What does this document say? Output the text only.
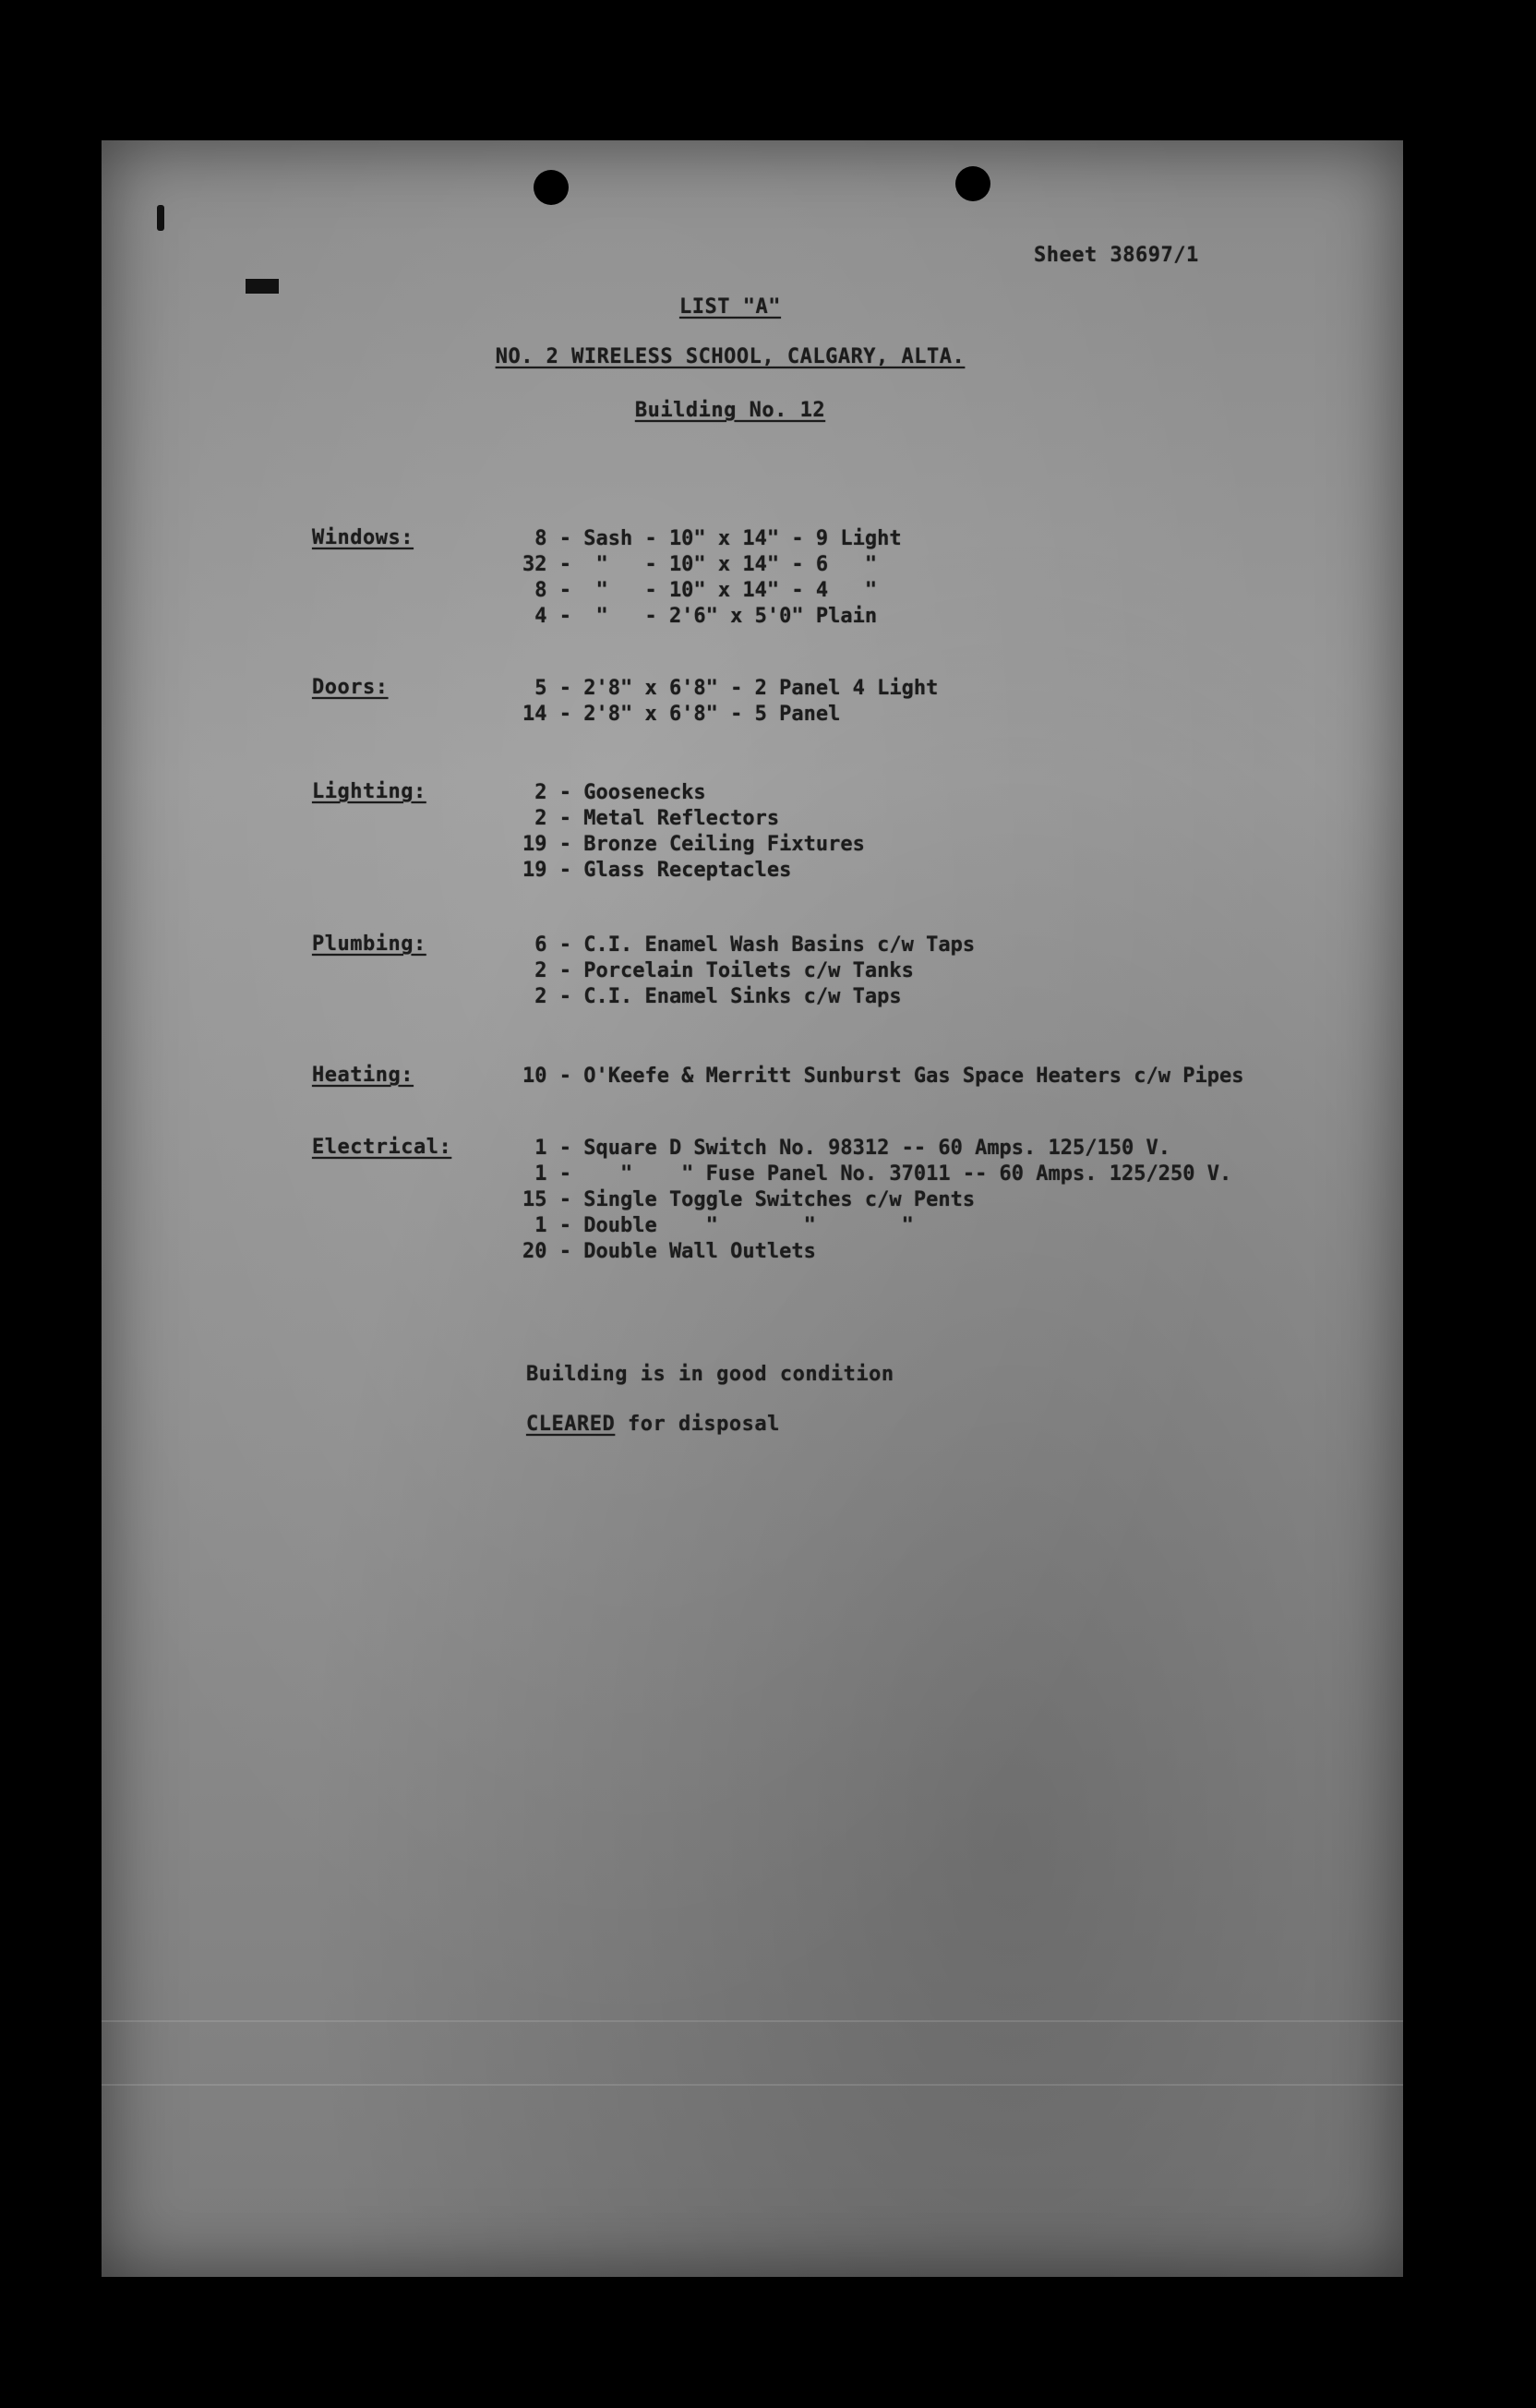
Sheet 38697/1
LIST "A"
NO. 2 WIRELESS SCHOOL, CALGARY, ALTA.
Building No. 12
Windows:	8 - Sash - 10" x 14" - 9 Light
32 -  "   - 10" x 14" - 6   "
8 -  "   - 10" x 14" - 4   "
4 -  "   - 2'6" x 5'0" Plain
Doors:	5 - 2'8" x 6'8" - 2 Panel 4 Light
14 - 2'8" x 6'8" - 5 Panel
Lighting:	2 - Goosenecks
2 - Metal Reflectors
19 - Bronze Ceiling Fixtures
19 - Glass Receptacles
Plumbing:	6 - C.I. Enamel Wash Basins c/w Taps
2 - Porcelain Toilets c/w Tanks
2 - C.I. Enamel Sinks c/w Taps
Heating:	10 - O'Keefe & Merritt Sunburst Gas Space Heaters c/w Pipes
Electrical:	1 - Square D Switch No. 98312 -- 60 Amps. 125/150 V.
1 -    "    " Fuse Panel No. 37011 -- 60 Amps. 125/250 V.
15 - Single Toggle Switches c/w Pents
1 - Double    "       "       "
20 - Double Wall Outlets
Building is in good condition
CLEARED for disposal
